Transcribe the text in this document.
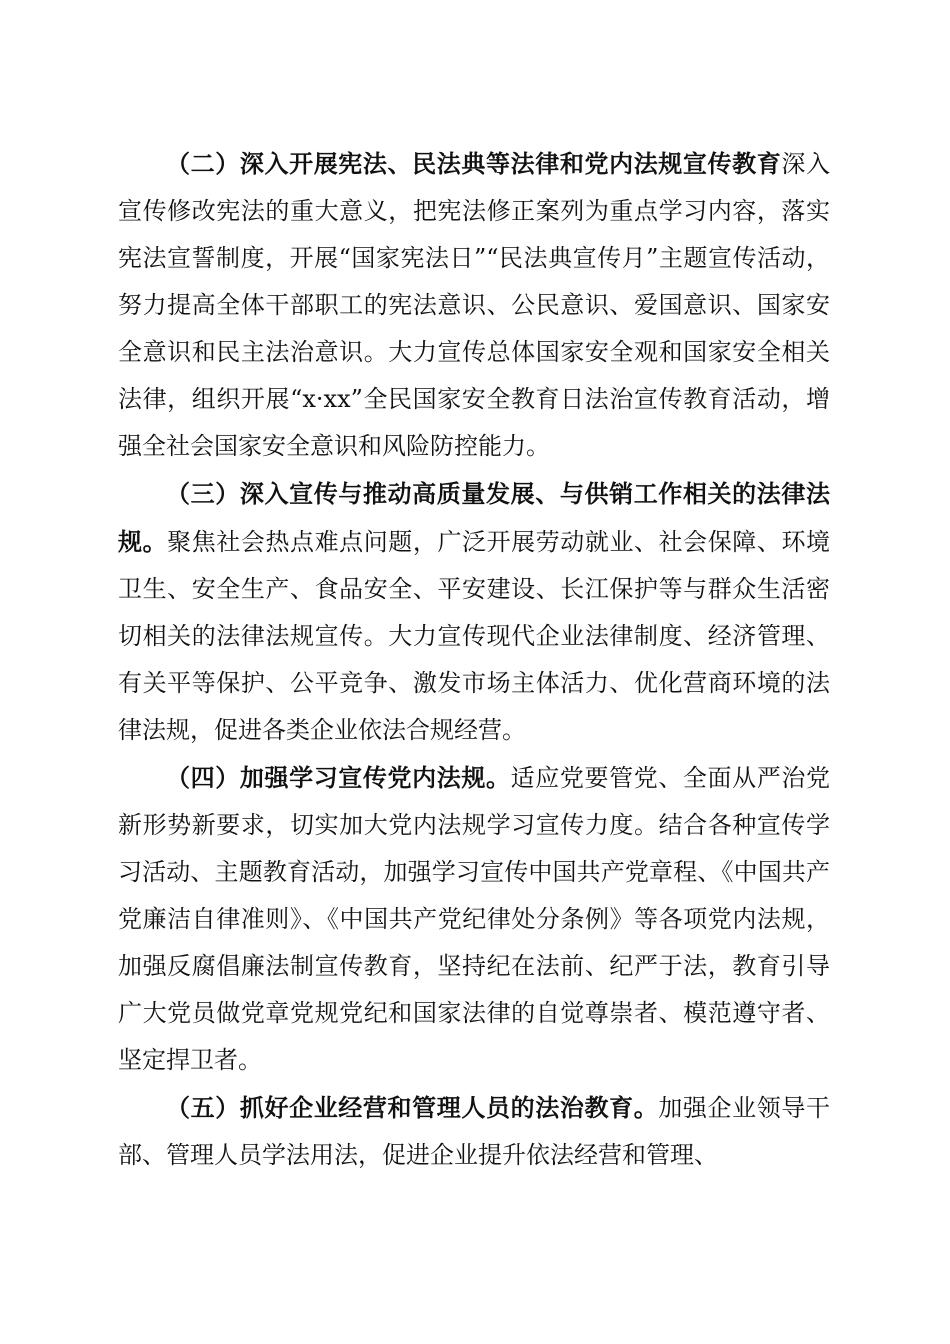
（二）深入开展宪法、民法典等法律和党内法规宣传教育深入宣传修改宪法的重大意义，把宪法修正案列为重点学习内容，落实宪法宣誓制度，开展“国家宪法日”“民法典宣传月”主题宣传活动，努力提高全体干部职工的宪法意识、公民意识、爱国意识、国家安全意识和民主法治意识。大力宣传总体国家安全观和国家安全相关法律，组织开展“x·xx”全民国家安全教育日法治宣传教育活动，增强全社会国家安全意识和风险防控能力。

（三）深入宣传与推动高质量发展、与供销工作相关的法律法规。聚焦社会热点难点问题，广泛开展劳动就业、社会保障、环境卫生、安全生产、食品安全、平安建设、长江保护等与群众生活密切相关的法律法规宣传。大力宣传现代企业法律制度、经济管理、有关平等保护、公平竞争、激发市场主体活力、优化营商环境的法律法规，促进各类企业依法合规经营。

（四）加强学习宣传党内法规。适应党要管党、全面从严治党新形势新要求，切实加大党内法规学习宣传力度。结合各种宣传学习活动、主题教育活动，加强学习宣传中国共产党章程、《中国共产党廉洁自律准则》、《中国共产党纪律处分条例》等各项党内法规，加强反腐倡廉法制宣传教育，坚持纪在法前、纪严于法，教育引导广大党员做党章党规党纪和国家法律的自觉尊崇者、模范遵守者、坚定捍卫者。

（五）抓好企业经营和管理人员的法治教育。加强企业领导干部、管理人员学法用法，促进企业提升依法经营和管理、
